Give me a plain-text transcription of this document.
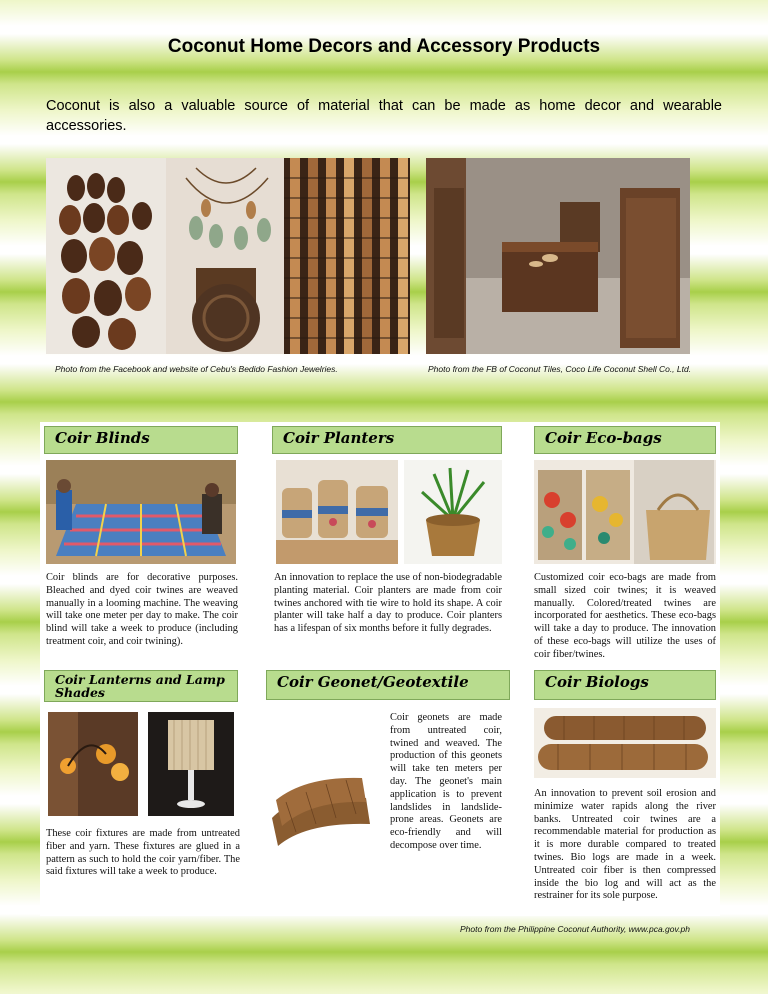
Coconut Home Decors and Accessory Products
Coconut is also a valuable source of material that can be made as home decor and wearable accessories.
Photo from the Facebook and website of Cebu's Bedido Fashion Jewelries.	Photo from the FB of Coconut Tiles, Coco Life Coconut Shell Co., Ltd.
Coir Blinds
Coir blinds are for decorative purposes. Bleached and dyed coir twines are weaved manually in a looming machine. The weaving will take one meter per day to make. The coir blind will take a week to produce (including treatment coir, and coir twining).
Coir Planters
An innovation to replace the use of non-biodegradable planting material. Coir planters are made from coir twines anchored with tie wire to hold its shape. A coir planter will take half a day to produce. Coir planters has a lifespan of six months before it fully degrades.
Coir Eco-bags
Customized coir eco-bags are made from small sized coir twines; it is weaved manually. Colored/treated twines are incorporated for aesthetics. These eco-bags will take a day to produce. The innovation of these eco-bags will utilize the uses of coir fiber/twines.
Coir Lanterns and Lamp Shades
These coir fixtures are made from untreated fiber and yarn. These fixtures are glued in a pattern as such to hold the coir yarn/fiber. The said fixtures will take a week to produce.
Coir Geonet/Geotextile
Coir geonets are made from untreated coir, twined and weaved. The production of this geonets will take ten meters per day. The geonet's main application is to prevent landslides in landslide-prone areas. Geonets are eco-friendly and will decompose over time.
Coir Biologs
An innovation to prevent soil erosion and minimize water rapids along the river banks. Untreated coir twines are a recommendable material for production as it is more durable compared to treated twines. Bio logs are made in a week. Untreated coir fiber is then compressed inside the bio log and will act as the restrainer for its sole purpose.
Photo from the Philippine Coconut Authority, www.pca.gov.ph
